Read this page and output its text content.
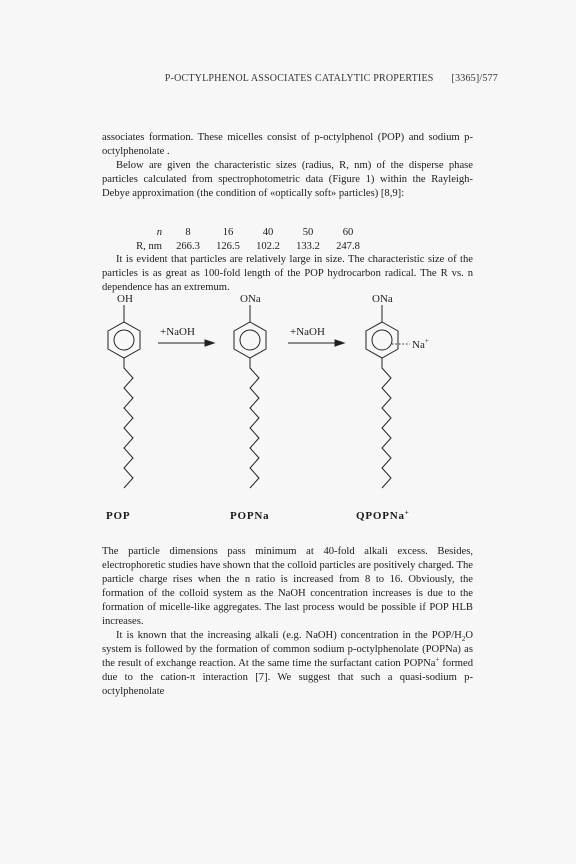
P-OCTYLPHENOL ASSOCIATES CATALYTIC PROPERTIES [3365]/577

associates formation. These micelles consist of p-octylphenol (POP) and sodium p-octylphenolate .

Below are given the characteristic sizes (radius, R, nm) of the disperse phase particles calculated from spectrophotometric data (Figure 1) within the Rayleigh-Debye approximation (the condition of «optically soft» particles) [8,9]:

n	8	16	40	50	60
R, nm	266.3	126.5	102.2	133.2	247.8
It is evident that particles are relatively large in size. The characteristic size of the particles is as great as 100-fold length of the POP hydrocarbon radical. The R vs. n dependence has an extremum.
OH
+NaOH
ONa
+NaOH
ONa
Na+
POP	POPNa	QPOPNa+

The particle dimensions pass minimum at 40-fold alkali excess. Besides, electrophoretic studies have shown that the colloid particles are positively charged. The particle charge rises when the n ratio is increased from 8 to 16. Obviously, the formation of the colloid system as the NaOH concentration increases is due to the formation of micelle-like aggregates. The last process would be possible if POP HLB increases.

It is known that the increasing alkali (e.g. NaOH) concentration in the POP/$H_2O$ system is followed by the formation of common sodium p-octylphenolate (POPNa) as the result of exchange reaction. At the same time the surfactant cation POPNa+ formed due to the cation-π interaction [7]. We suggest that such a quasi-sodium p-octylphenolate
